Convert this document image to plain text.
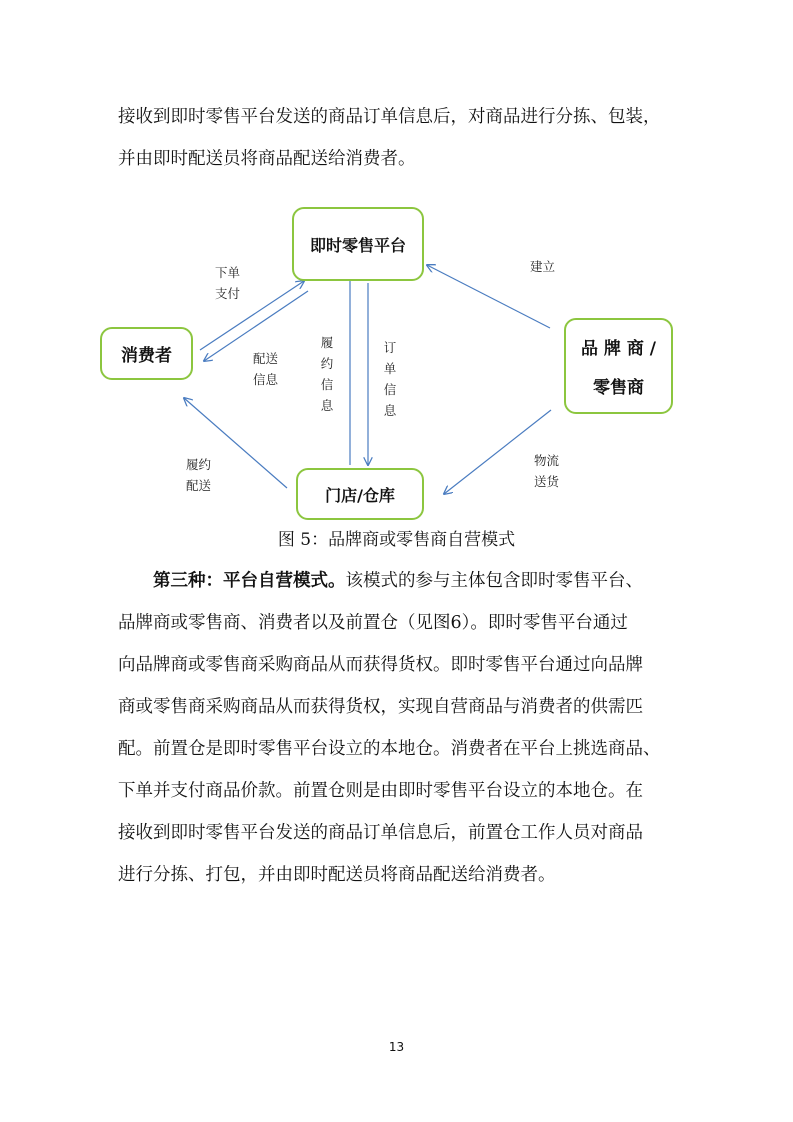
接收到即时零售平台发送的商品订单信息后，对商品进行分拣、包装，
并由即时配送员将商品配送给消费者。
即时零售平台
消费者	品 牌 商 /
零售商
门店/仓库
下单
支付
配送
信息
履
约
信
息
订
单
信
息
建立
履约
配送
物流
送货
图 5：品牌商或零售商自营模式
第三种：平台自营模式。该模式的参与主体包含即时零售平台、
品牌商或零售商、消费者以及前置仓（见图6）。即时零售平台通过
向品牌商或零售商采购商品从而获得货权。即时零售平台通过向品牌
商或零售商采购商品从而获得货权，实现自营商品与消费者的供需匹
配。前置仓是即时零售平台设立的本地仓。消费者在平台上挑选商品、
下单并支付商品价款。前置仓则是由即时零售平台设立的本地仓。在
接收到即时零售平台发送的商品订单信息后，前置仓工作人员对商品
进行分拣、打包，并由即时配送员将商品配送给消费者。
13
